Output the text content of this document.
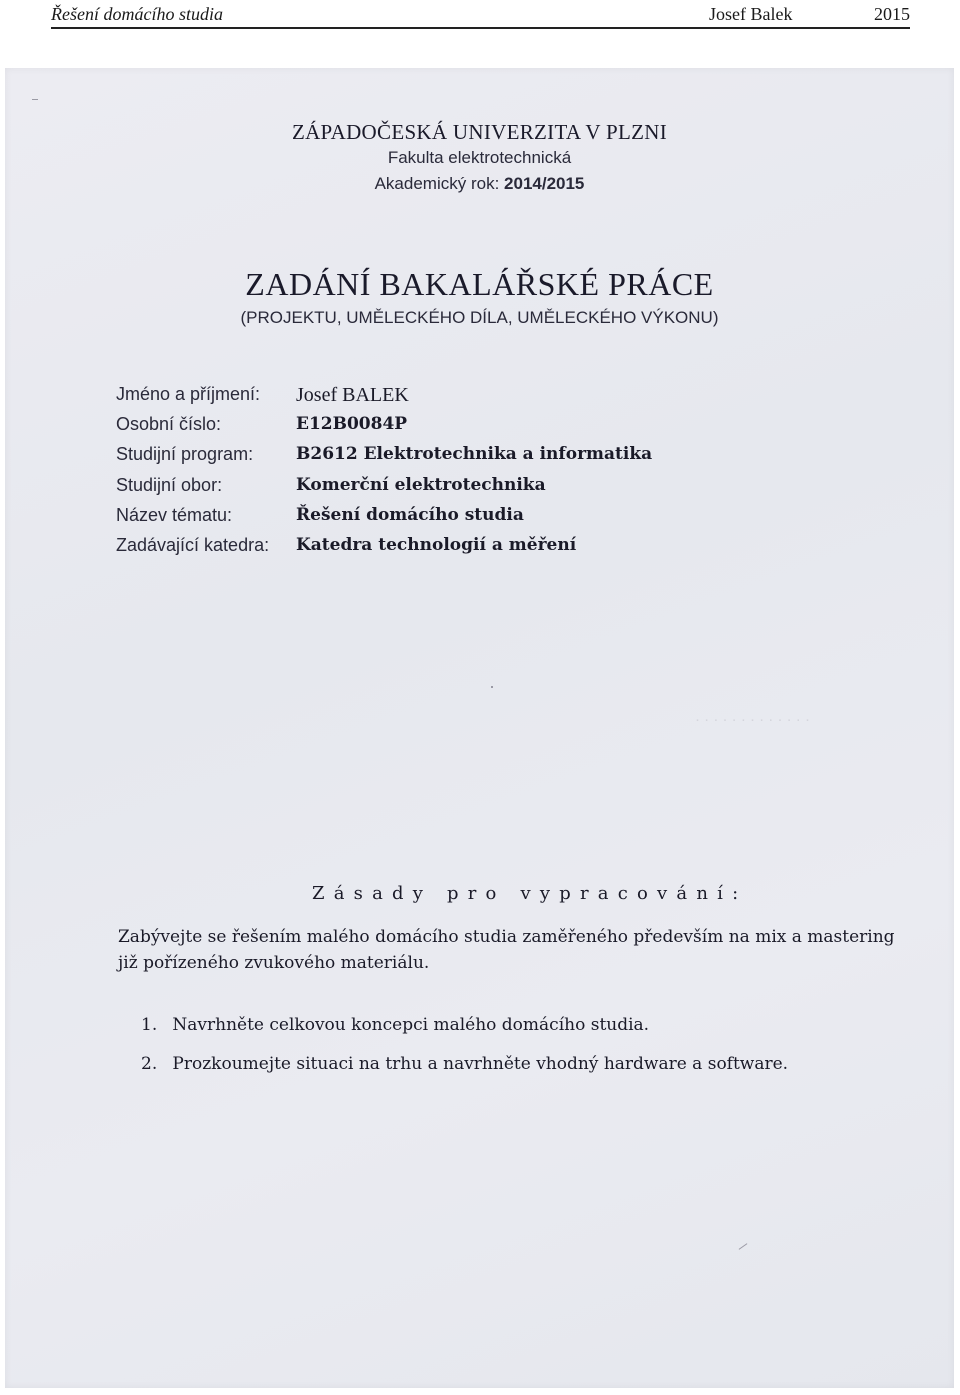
Řešení domácího studia	Josef Balek	2015
· · · · · · · · · · · · ·
ZÁPADOČESKÁ UNIVERZITA V PLZNI
Fakulta elektrotechnická
Akademický rok: 2014/2015
ZADÁNÍ BAKALÁŘSKÉ PRÁCE
(PROJEKTU, UMĚLECKÉHO DÍLA, UMĚLECKÉHO VÝKONU)
Jméno a příjmení: Josef BALEK
Osobní číslo:	E12B0084P
Studijní program:	B2612 Elektrotechnika a informatika
Studijní obor:	Komerční elektrotechnika
Název tématu:	Řešení domácího studia
Zadávající katedra: Katedra technologií a měření
Zásady pro vypracování:
Zabývejte se řešením malého domácího studia zaměřeného především na mix a mastering již pořízeného zvukového materiálu.
1. Navrhněte celkovou koncepci malého domácího studia.
2. Prozkoumejte situaci na trhu a navrhněte vhodný hardware a software.
